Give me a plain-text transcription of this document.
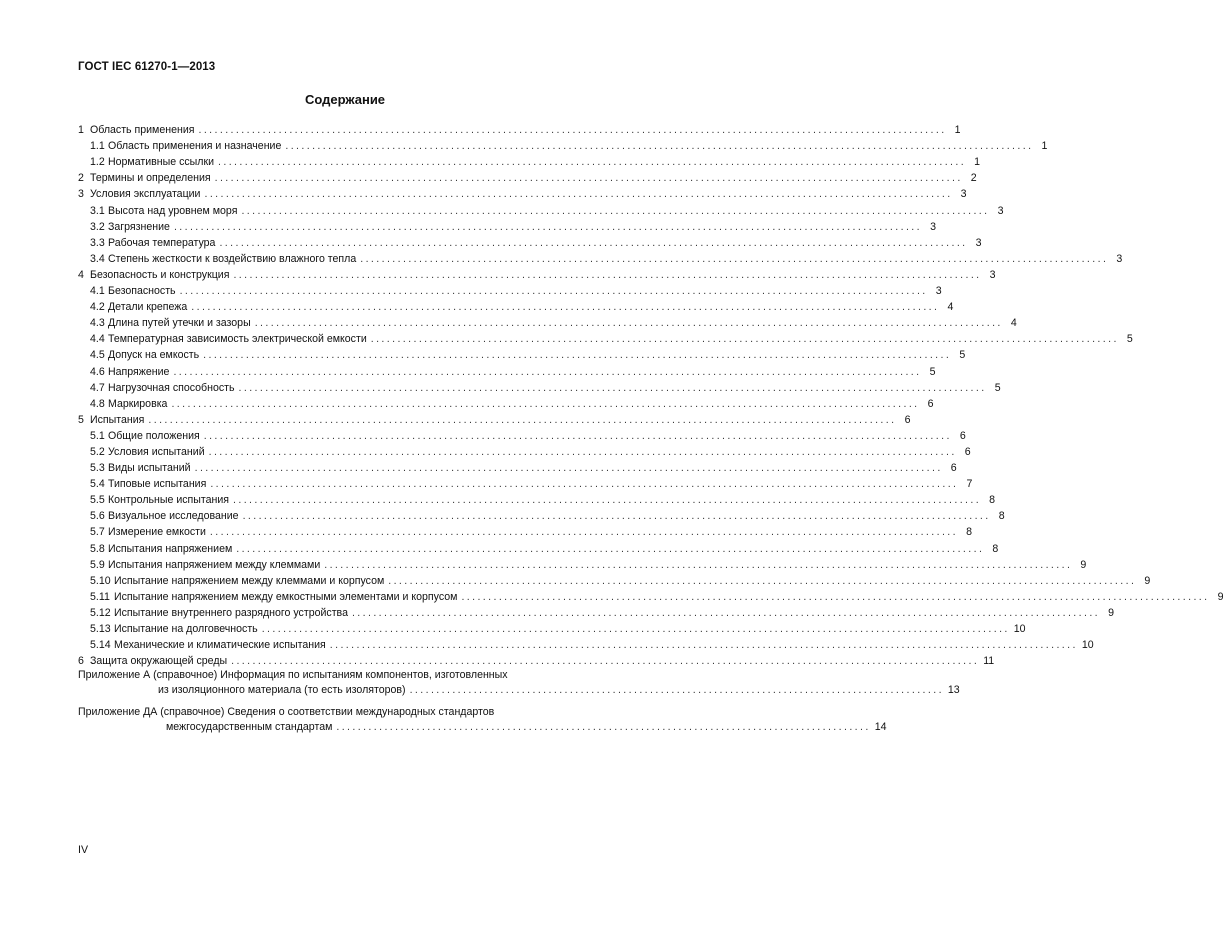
ГОСТ IEC 61270-1—2013
Содержание
1 Область применения ............................................................................................................................................ 1
1.1 Область применения и назначение ............................................................................................................................................ 1
1.2 Нормативные ссылки ............................................................................................................................................ 1
2 Термины и определения ............................................................................................................................................ 2
3 Условия эксплуатации ............................................................................................................................................ 3
3.1 Высота над уровнем моря ............................................................................................................................................ 3
3.2 Загрязнение ............................................................................................................................................ 3
3.3 Рабочая температура ............................................................................................................................................ 3
3.4 Степень жесткости к воздействию влажного тепла ............................................................................................................................................ 3
4 Безопасность и конструкция ............................................................................................................................................ 3
4.1 Безопасность ............................................................................................................................................ 3
4.2 Детали крепежа ............................................................................................................................................ 4
4.3 Длина путей утечки и зазоры ............................................................................................................................................ 4
4.4 Температурная зависимость электрической емкости ............................................................................................................................................ 5
4.5 Допуск на емкость ............................................................................................................................................ 5
4.6 Напряжение ............................................................................................................................................ 5
4.7 Нагрузочная способность ............................................................................................................................................ 5
4.8 Маркировка ............................................................................................................................................ 6
5 Испытания ............................................................................................................................................ 6
5.1 Общие положения ............................................................................................................................................ 6
5.2 Условия испытаний ............................................................................................................................................ 6
5.3 Виды испытаний ............................................................................................................................................ 6
5.4 Типовые испытания ............................................................................................................................................ 7
5.5 Контрольные испытания ............................................................................................................................................ 8
5.6 Визуальное исследование ............................................................................................................................................ 8
5.7 Измерение емкости ............................................................................................................................................ 8
5.8 Испытания напряжением ............................................................................................................................................ 8
5.9 Испытания напряжением между клеммами ............................................................................................................................................ 9
5.10 Испытание напряжением между клеммами и корпусом ............................................................................................................................................ 9
5.11 Испытание напряжением между емкостными элементами и корпусом ............................................................................................................................................ 9
5.12 Испытание внутреннего разрядного устройства ............................................................................................................................................ 9
5.13 Испытание на долговечность ............................................................................................................................................ 10
5.14 Механические и климатические испытания ............................................................................................................................................ 10
6 Защита окружающей среды ............................................................................................................................................ 11
Приложение А (справочное) Информация по испытаниям компонентов, изготовленных
из изоляционного материала (то есть изоляторов) .................................................................................................... 13
Приложение ДА (справочное) Сведения о соответствии международных стандартов
межгосударственным стандартам .................................................................................................... 14
IV
